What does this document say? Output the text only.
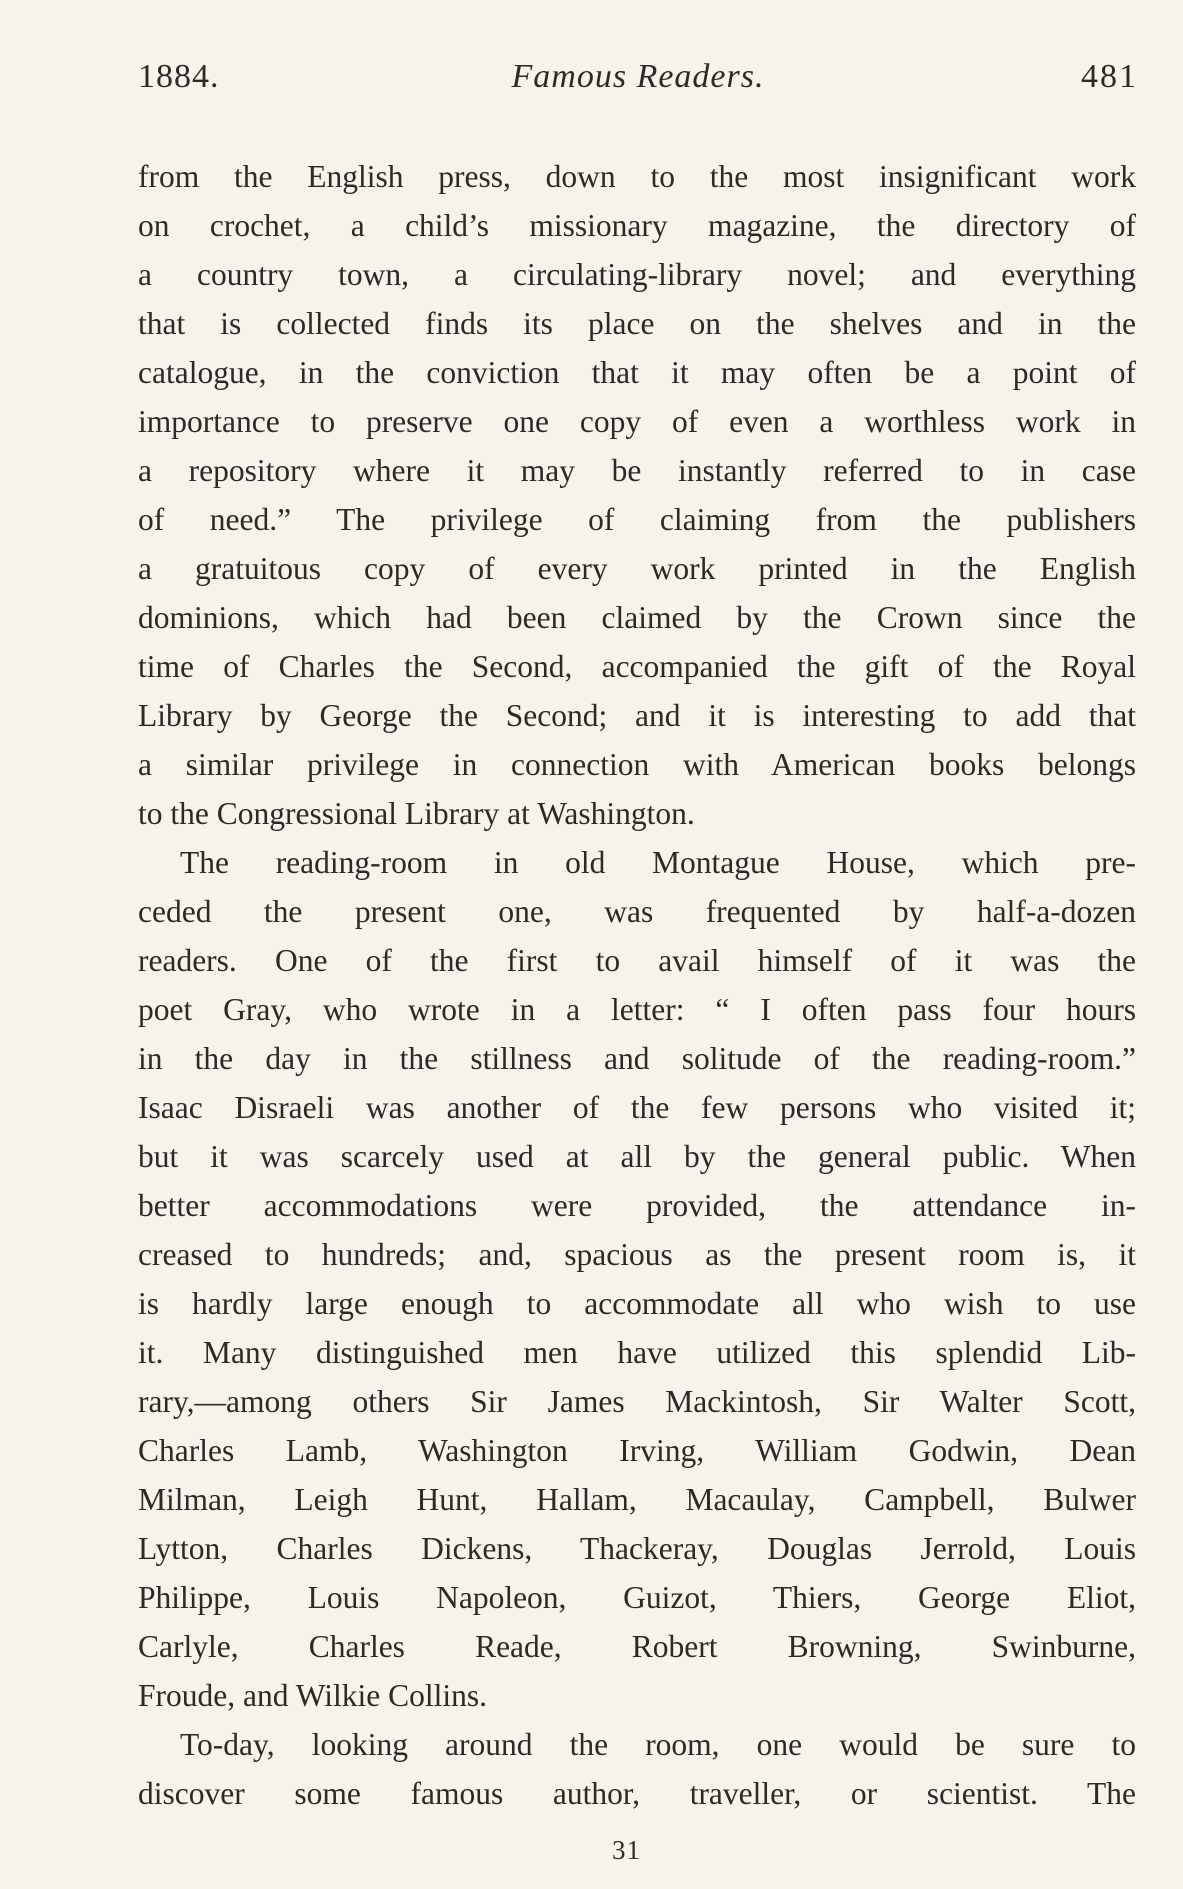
1884.	Famous Readers.	481
from the English press, down to the most insignificant work
on crochet, a child’s missionary magazine, the directory of
a country town, a circulating-library novel; and everything
that is collected finds its place on the shelves and in the
catalogue, in the conviction that it may often be a point of
importance to preserve one copy of even a worthless work in
a repository where it may be instantly referred to in case
of need.” The privilege of claiming from the publishers
a gratuitous copy of every work printed in the English
dominions, which had been claimed by the Crown since the
time of Charles the Second, accompanied the gift of the Royal
Library by George the Second; and it is interesting to add that
a similar privilege in connection with American books belongs
to the Congressional Library at Washington.
The reading-room in old Montague House, which pre-
ceded the present one, was frequented by half-a-dozen
readers. One of the first to avail himself of it was the
poet Gray, who wrote in a letter: “ I often pass four hours
in the day in the stillness and solitude of the reading-room.”
Isaac Disraeli was another of the few persons who visited it;
but it was scarcely used at all by the general public. When
better accommodations were provided, the attendance in-
creased to hundreds; and, spacious as the present room is, it
is hardly large enough to accommodate all who wish to use
it. Many distinguished men have utilized this splendid Lib-
rary,—among others Sir James Mackintosh, Sir Walter Scott,
Charles Lamb, Washington Irving, William Godwin, Dean
Milman, Leigh Hunt, Hallam, Macaulay, Campbell, Bulwer
Lytton, Charles Dickens, Thackeray, Douglas Jerrold, Louis
Philippe, Louis Napoleon, Guizot, Thiers, George Eliot,
Carlyle, Charles Reade, Robert Browning, Swinburne,
Froude, and Wilkie Collins.
To-day, looking around the room, one would be sure to
discover some famous author, traveller, or scientist. The
31
